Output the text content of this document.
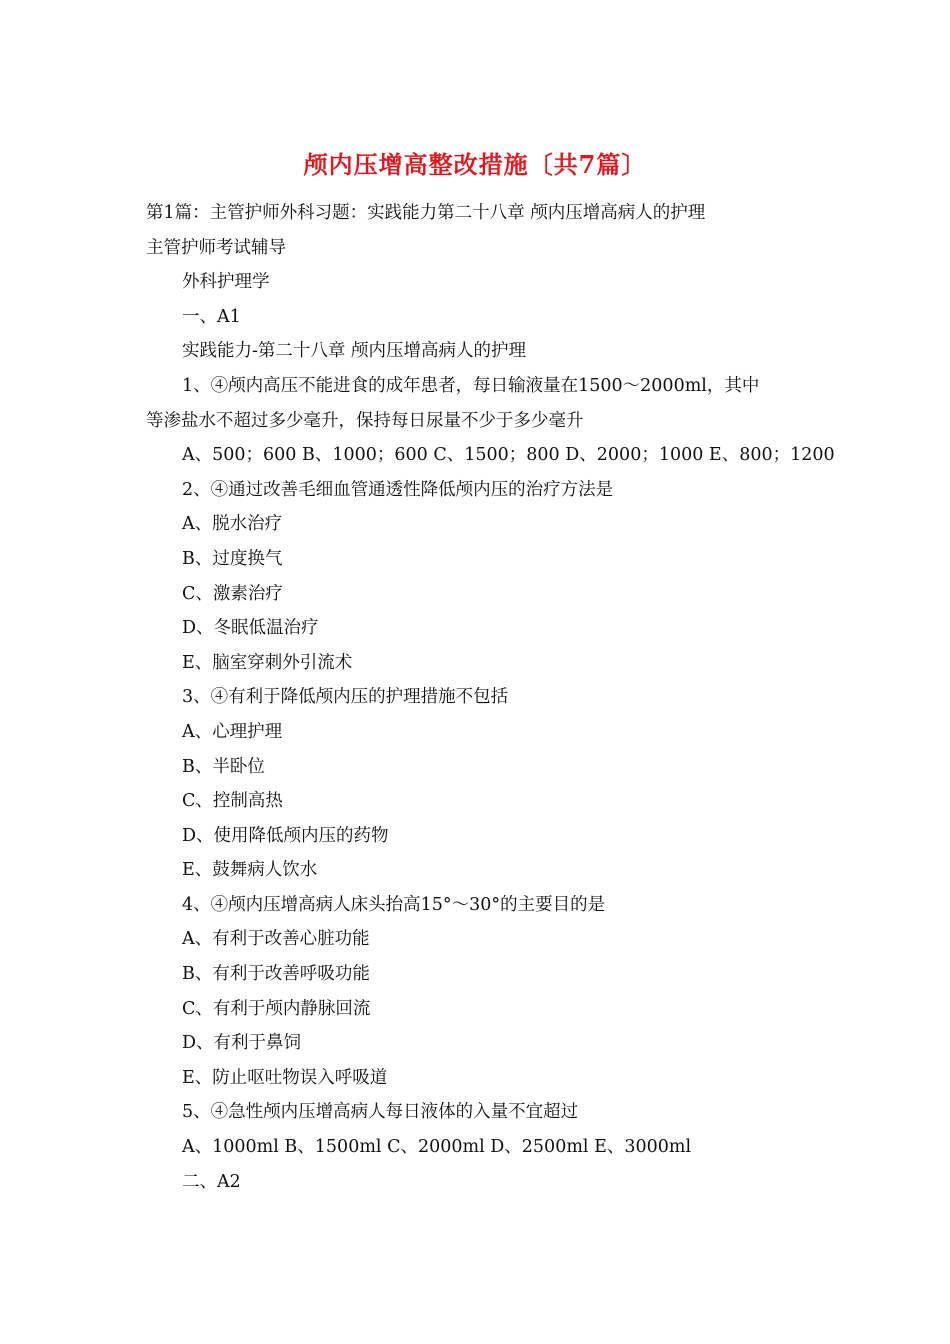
颅内压增高整改措施〔共7篇〕
第1篇：主管护师外科习题：实践能力第二十八章 颅内压增高病人的护理
主管护师考试辅导
外科护理学
一、A1
实践能力-第二十八章 颅内压增高病人的护理
1、④颅内高压不能进食的成年患者，每日输液量在1500～2000ml，其中
等渗盐水不超过多少毫升，保持每日尿量不少于多少毫升
A、500；600 B、1000；600 C、1500；800 D、2000；1000 E、800；1200
2、④通过改善毛细血管通透性降低颅内压的治疗方法是
A、脱水治疗
B、过度换气
C、激素治疗
D、冬眠低温治疗
E、脑室穿刺外引流术
3、④有利于降低颅内压的护理措施不包括
A、心理护理
B、半卧位
C、控制高热
D、使用降低颅内压的药物
E、鼓舞病人饮水
4、④颅内压增高病人床头抬高15°～30°的主要目的是
A、有利于改善心脏功能
B、有利于改善呼吸功能
C、有利于颅内静脉回流
D、有利于鼻饲
E、防止呕吐物误入呼吸道
5、④急性颅内压增高病人每日液体的入量不宜超过
A、1000ml B、1500ml C、2000ml D、2500ml E、3000ml
二、A2
